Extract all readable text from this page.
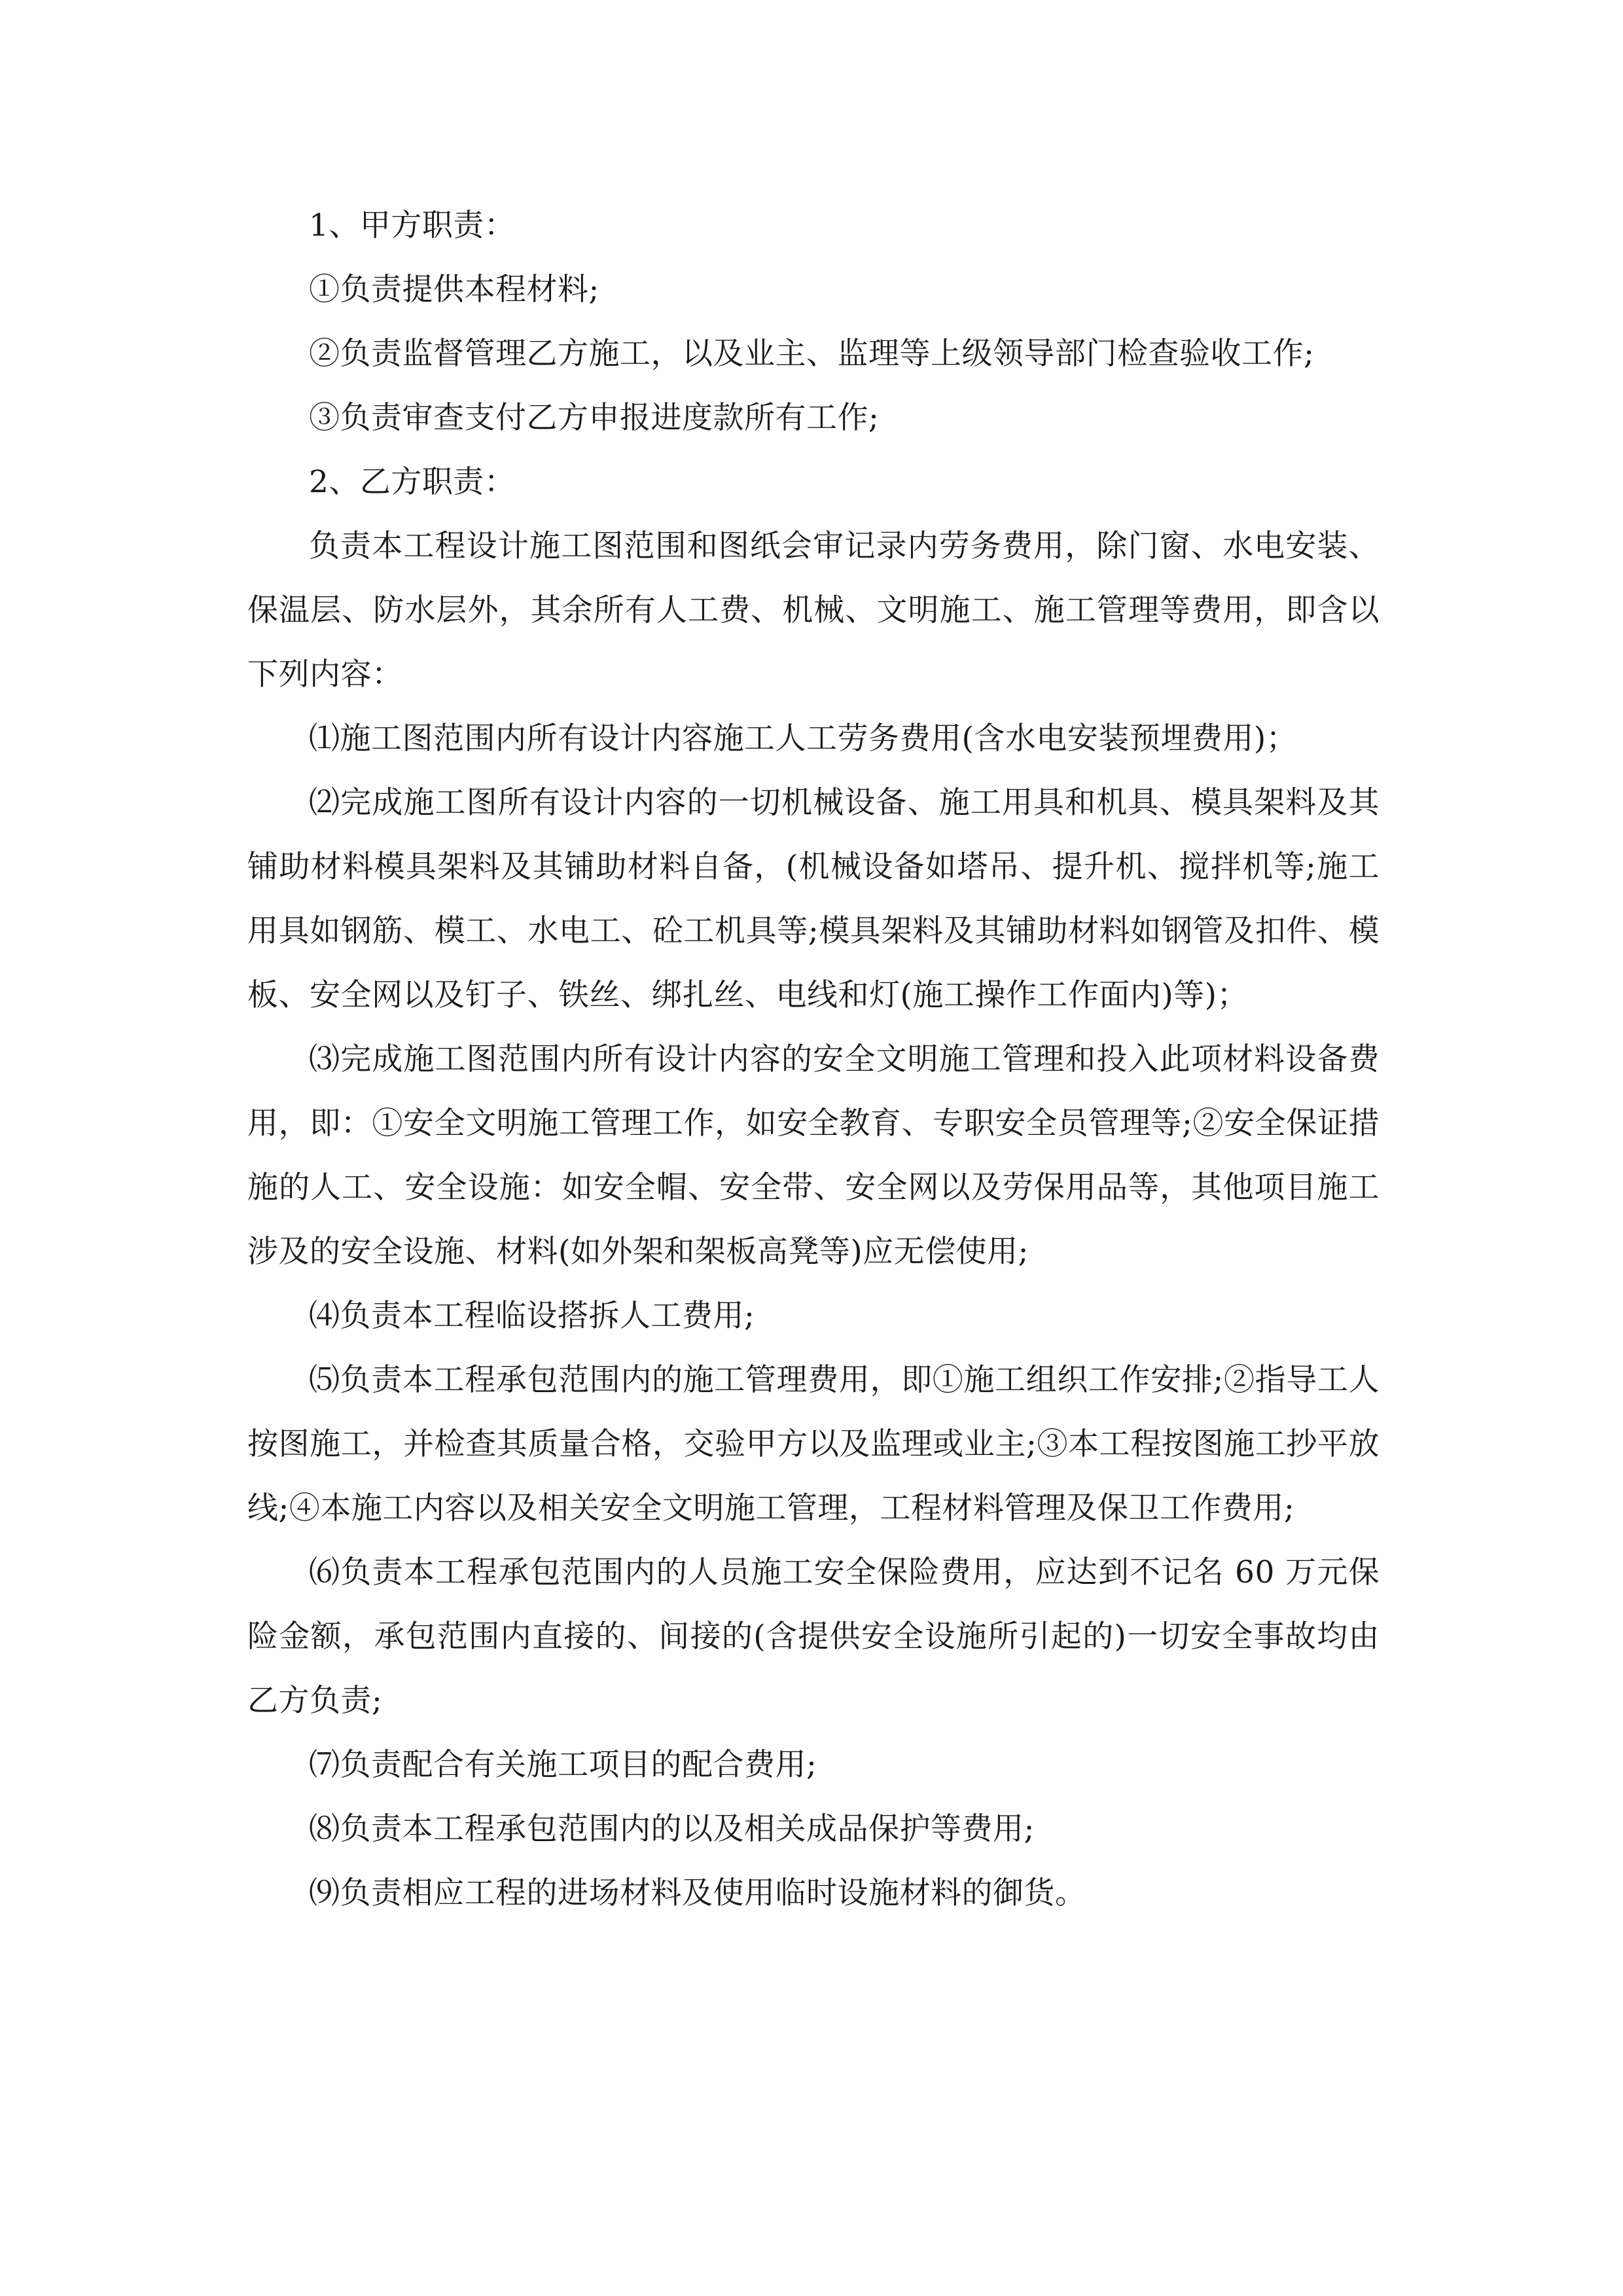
1、甲方职责：

①负责提供本程材料;

②负责监督管理乙方施工，以及业主、监理等上级领导部门检查验收工作;

③负责审查支付乙方申报进度款所有工作;

2、乙方职责：

负责本工程设计施工图范围和图纸会审记录内劳务费用，除门窗、水电安装、保温层、防水层外，其余所有人工费、机械、文明施工、施工管理等费用，即含以下列内容：

⑴施工图范围内所有设计内容施工人工劳务费用(含水电安装预埋费用)；

⑵完成施工图所有设计内容的一切机械设备、施工用具和机具、模具架料及其铺助材料模具架料及其铺助材料自备，(机械设备如塔吊、提升机、搅拌机等;施工用具如钢筋、模工、水电工、砼工机具等;模具架料及其铺助材料如钢管及扣件、模板、安全网以及钉子、铁丝、绑扎丝、电线和灯(施工操作工作面内)等)；

⑶完成施工图范围内所有设计内容的安全文明施工管理和投入此项材料设备费用，即：①安全文明施工管理工作，如安全教育、专职安全员管理等;②安全保证措施的人工、安全设施：如安全帽、安全带、安全网以及劳保用品等，其他项目施工涉及的安全设施、材料(如外架和架板高凳等)应无偿使用;

⑷负责本工程临设搭拆人工费用;

⑸负责本工程承包范围内的施工管理费用，即①施工组织工作安排;②指导工人按图施工，并检查其质量合格，交验甲方以及监理或业主;③本工程按图施工抄平放线;④本施工内容以及相关安全文明施工管理，工程材料管理及保卫工作费用;

⑹负责本工程承包范围内的人员施工安全保险费用，应达到不记名 60 万元保险金额，承包范围内直接的、间接的(含提供安全设施所引起的)一切安全事故均由乙方负责;

⑺负责配合有关施工项目的配合费用;

⑻负责本工程承包范围内的以及相关成品保护等费用;

⑼负责相应工程的进场材料及使用临时设施材料的御货。
